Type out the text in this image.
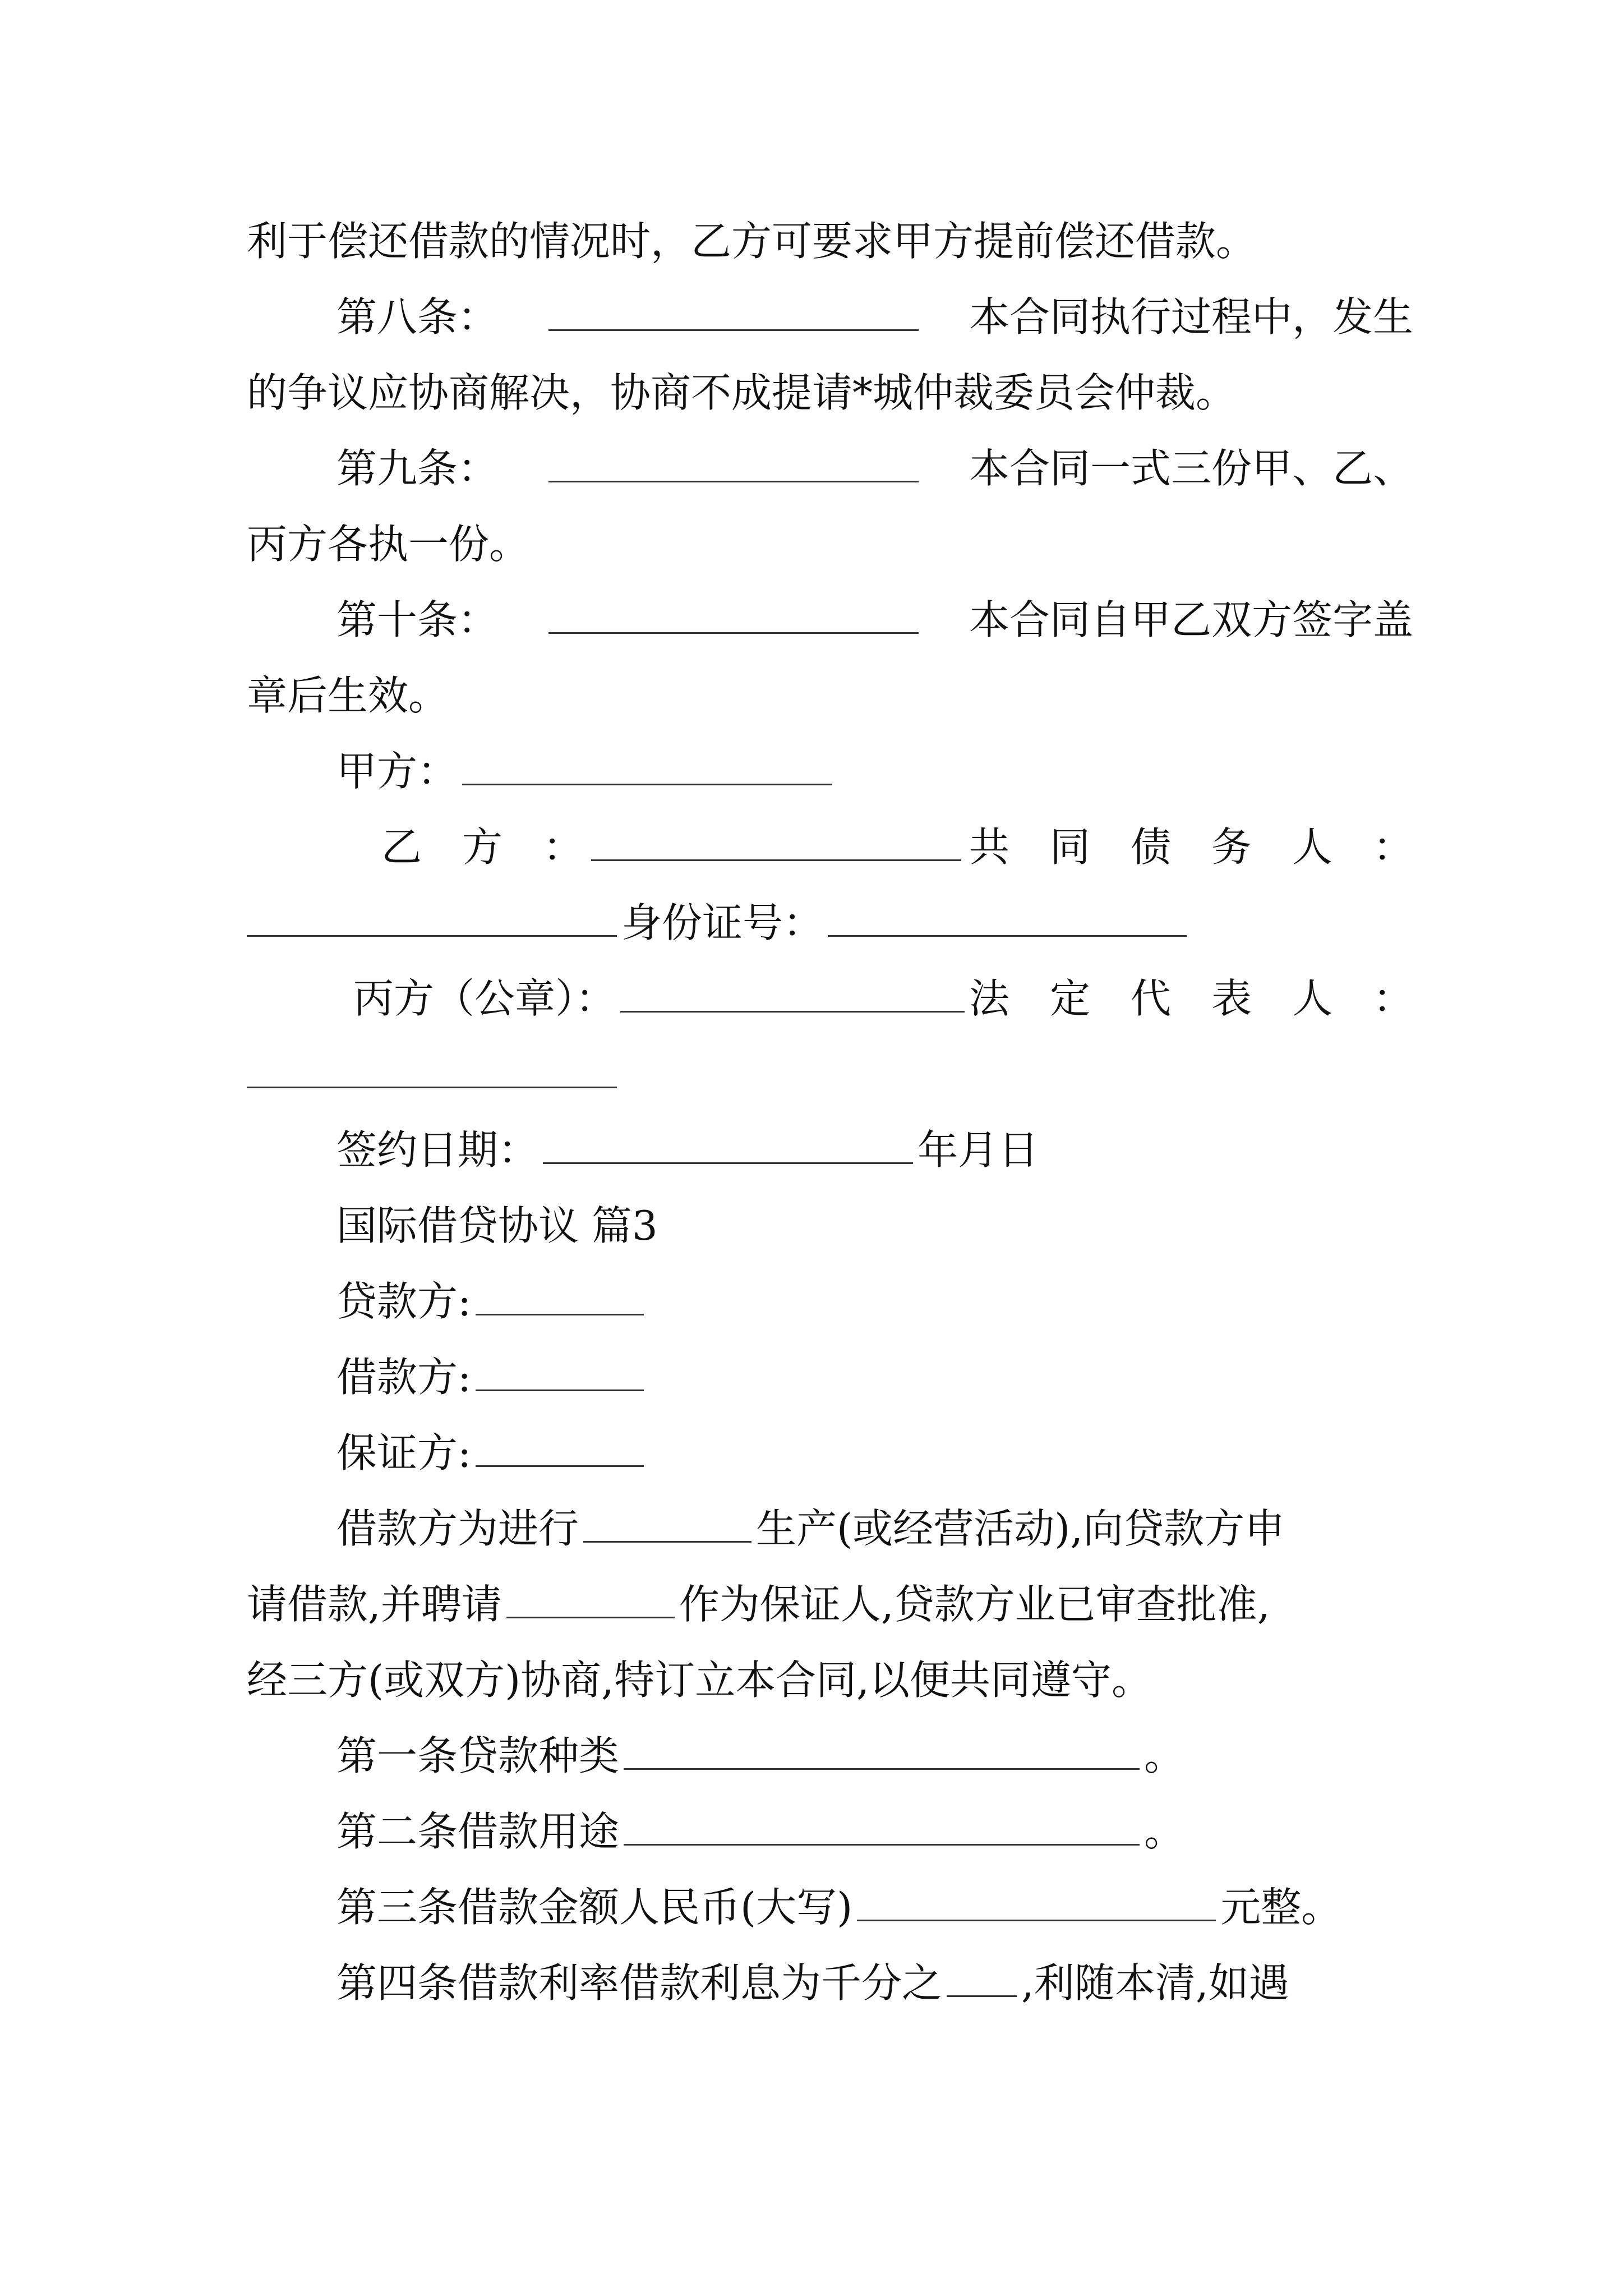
利于偿还借款的情况时，乙方可要求甲方提前偿还借款。
第八条：	本合同执行过程中，发生
的争议应协商解决，协商不成提请*城仲裁委员会仲裁。
第九条：	本合同一式三份甲、乙、
丙方各执一份。
第十条：	本合同自甲乙双方签字盖
章后生效。
甲方：
乙　方　：	共　同　债　务　人　：
身份证号：
丙方（公章）：	法　定　代　表　人　：
签约日期：	年月日
国际借贷协议 篇3
贷款方:
借款方:
保证方:
借款方为进行	生产(或经营活动),向贷款方申
请借款,并聘请	作为保证人,贷款方业已审查批准,
经三方(或双方)协商,特订立本合同,以便共同遵守。
第一条贷款种类	。
第二条借款用途	。
第三条借款金额人民币(大写)	元整。
第四条借款利率借款利息为千分之 ,利随本清,如遇
